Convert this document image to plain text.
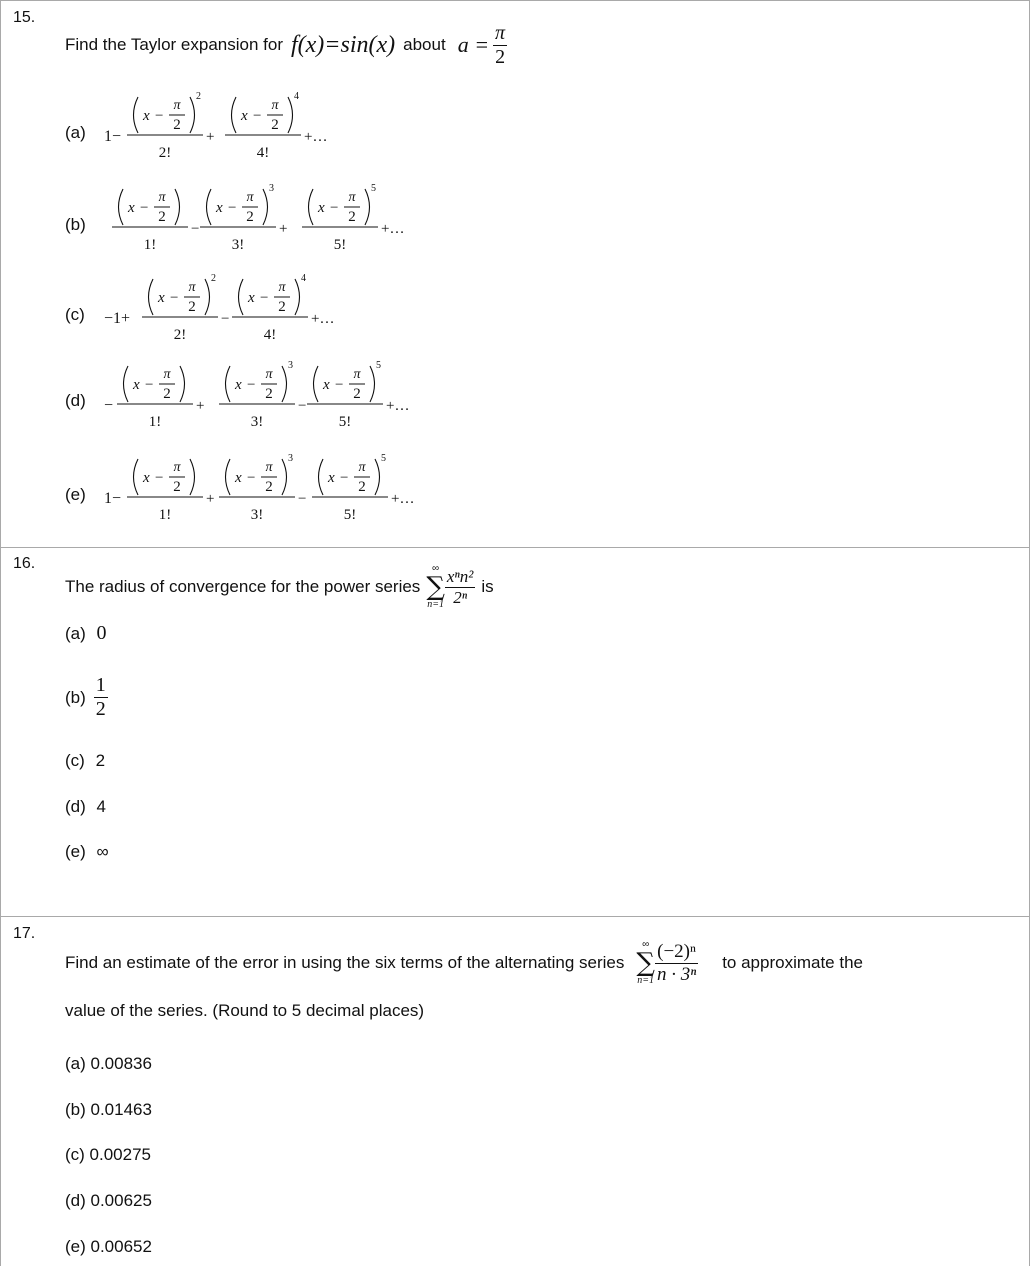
15.
Find the Taylor expansion for f(x)=sin(x) about $a = \frac{\pi}{2}$
(a)
(b)
(c)
(d)
(e)
1−
x −
π
2
2
2!
+
x −
π
2
4
4!
+…
x −
π
2
1!
−
x −
π
2
3
3!
+
x −
π
2
5
5!
+…
−1+
x −
π
2
2
2!
−
x −
π
2
4
4!
+…
−
x −
π
2
1!
+
x −
π
2
3
3!
−
x −
π
2
5
5!
+…
1−
x −
π
2
1!
+
x −
π
2
3
3!
−
x −
π
2
5
5!
+…
16.
The radius of convergence for the power series
∞
∑
$n=1 \frac{\text{xⁿn²}}{\text{2ⁿ}}$ is
(a) 0
$(b) \frac{1}{2}$
(c) 2
(d) 4
(e) ∞
17.
Find an estimate of the error in using the six terms of the alternating series
∞
∑
$n=1 \frac{\text{(−2)ⁿ}}{\text{n · 3ⁿ}}$ to approximate the
value of the series. (Round to 5 decimal places)
(a) 0.00836
(b) 0.01463
(c) 0.00275
(d) 0.00625
(e) 0.00652
